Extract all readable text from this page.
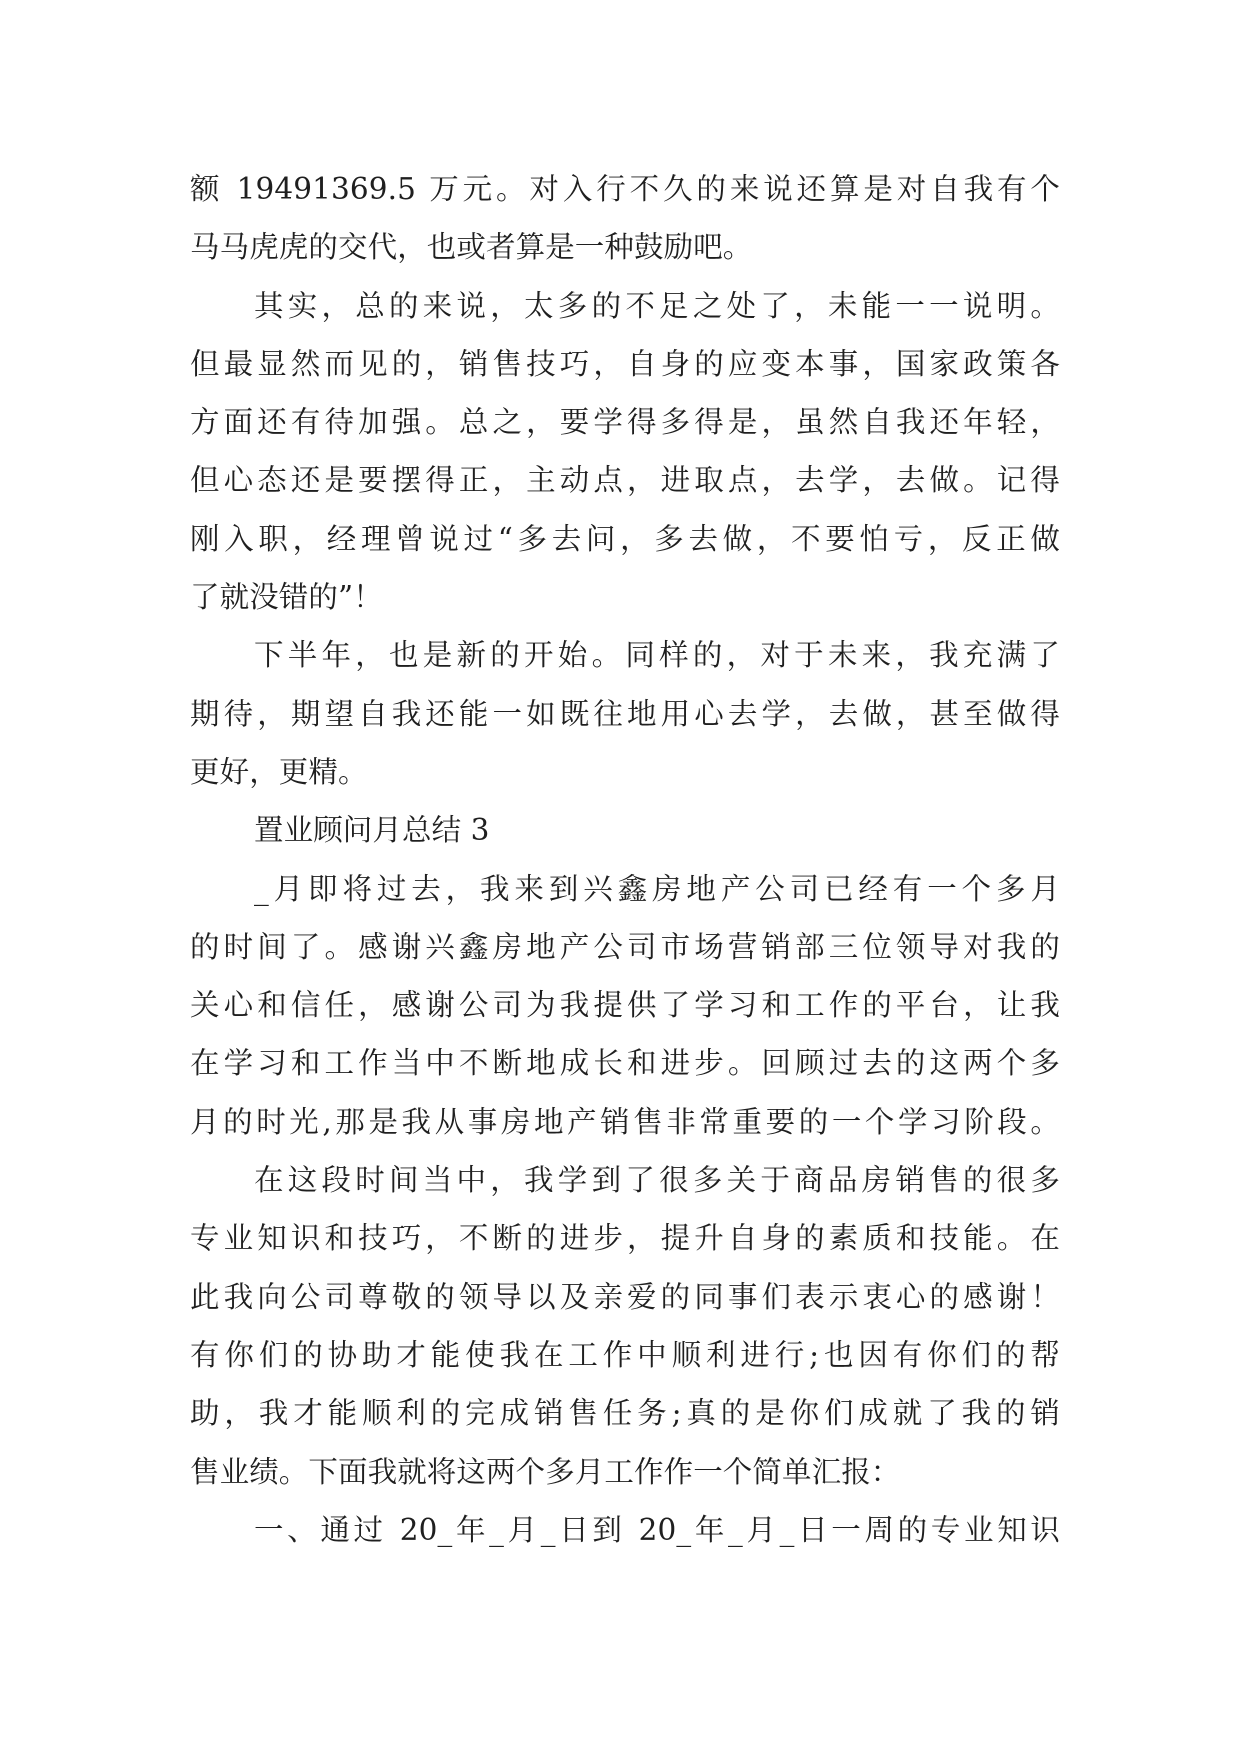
额 19491369.5 万元。对入行不久的来说还算是对自我有个
马马虎虎的交代，也或者算是一种鼓励吧。
其实，总的来说，太多的不足之处了，未能一一说明。
但最显然而见的，销售技巧，自身的应变本事，国家政策各
方面还有待加强。总之，要学得多得是，虽然自我还年轻，
但心态还是要摆得正，主动点，进取点，去学，去做。记得
刚入职，经理曾说过“多去问，多去做，不要怕亏，反正做
了就没错的”！
下半年，也是新的开始。同样的，对于未来，我充满了
期待，期望自我还能一如既往地用心去学，去做，甚至做得
更好，更精。
置业顾问月总结 3
_月即将过去，我来到兴鑫房地产公司已经有一个多月
的时间了。感谢兴鑫房地产公司市场营销部三位领导对我的
关心和信任，感谢公司为我提供了学习和工作的平台，让我
在学习和工作当中不断地成长和进步。回顾过去的这两个多
月的时光,那是我从事房地产销售非常重要的一个学习阶段。
在这段时间当中，我学到了很多关于商品房销售的很多
专业知识和技巧，不断的进步，提升自身的素质和技能。在
此我向公司尊敬的领导以及亲爱的同事们表示衷心的感谢！
有你们的协助才能使我在工作中顺利进行;也因有你们的帮
助，我才能顺利的完成销售任务;真的是你们成就了我的销
售业绩。下面我就将这两个多月工作作一个简单汇报：
一、通过 20_年_月_日到 20_年_月_日一周的专业知识
